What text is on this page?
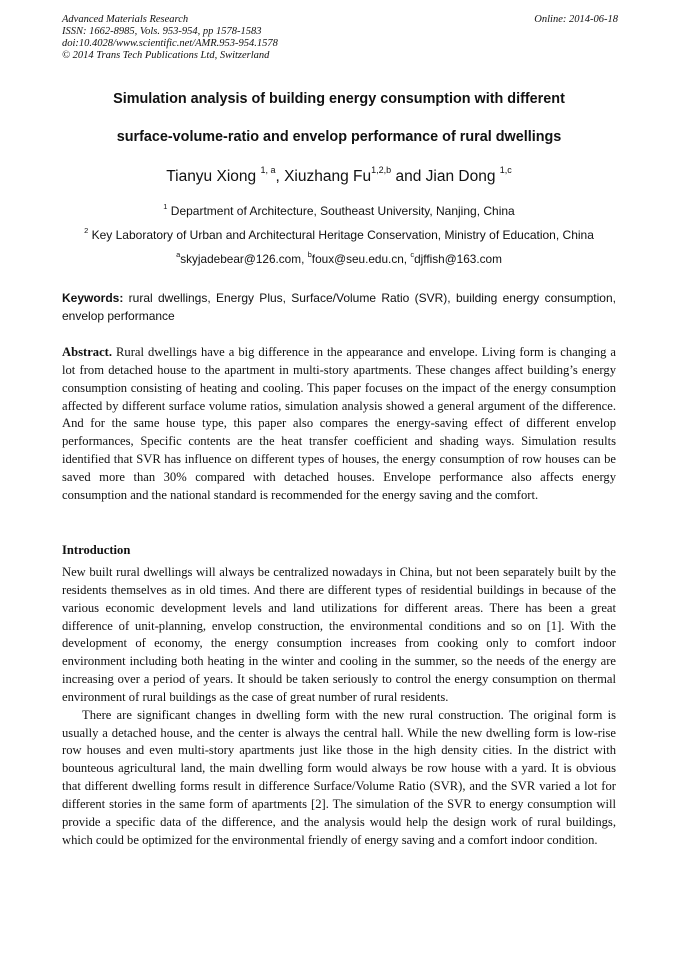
Advanced Materials Research
ISSN: 1662-8985, Vols. 953-954, pp 1578-1583
doi:10.4028/www.scientific.net/AMR.953-954.1578
© 2014 Trans Tech Publications Ltd, Switzerland
Online: 2014-06-18
Simulation analysis of building energy consumption with different
surface-volume-ratio and envelop performance of rural dwellings
Tianyu Xiong $^{1, a}$, Xiuzhang Fu$^{1,2,b}$ and Jian Dong $^{1,c}$
$^1$ Department of Architecture, Southeast University, Nanjing, China
$^2$ Key Laboratory of Urban and Architectural Heritage Conservation, Ministry of Education, China
$^a$skyjadebear@126.com, $^b$foux@seu.edu.cn, $^c$djffish@163.com
Keywords: rural dwellings, Energy Plus, Surface/Volume Ratio (SVR), building energy consumption, envelop performance
Abstract. Rural dwellings have a big difference in the appearance and envelope. Living form is changing a lot from detached house to the apartment in multi-story apartments. These changes affect building’s energy consumption consisting of heating and cooling. This paper focuses on the impact of the energy consumption affected by different surface volume ratios, simulation analysis showed a general argument of the difference. And for the same house type, this paper also compares the energy-saving effect of different envelop performances, Specific contents are the heat transfer coefficient and shading ways. Simulation results identified that SVR has influence on different types of houses, the energy consumption of row houses can be saved more than 30% compared with detached houses. Envelope performance also affects energy consumption and the national standard is recommended for the energy saving and the comfort.
Introduction

New built rural dwellings will always be centralized nowadays in China, but not been separately built by the residents themselves as in old times. And there are different types of residential buildings in because of the various economic development levels and land utilizations for different areas. There has been a great difference of unit-planning, envelop construction, the environmental conditions and so on [1]. With the development of economy, the energy consumption increases from cooking only to comfort indoor environment including both heating in the winter and cooling in the summer, so the needs of the energy are increasing over a period of years. It should be taken seriously to control the energy consumption on thermal environment of rural buildings as the case of great number of rural residents.

There are significant changes in dwelling form with the new rural construction. The original form is usually a detached house, and the center is always the central hall. While the new dwelling form is low-rise row houses and even multi-story apartments just like those in the high density cities. In the district with bounteous agricultural land, the main dwelling form would always be row house with a yard. It is obvious that different dwelling forms result in difference Surface/Volume Ratio (SVR), and the SVR varied a lot for different stories in the same form of apartments [2]. The simulation of the SVR to energy consumption will provide a specific data of the difference, and the analysis would help the design work of rural buildings, which could be optimized for the environmental friendly of energy saving and a comfort indoor condition.
